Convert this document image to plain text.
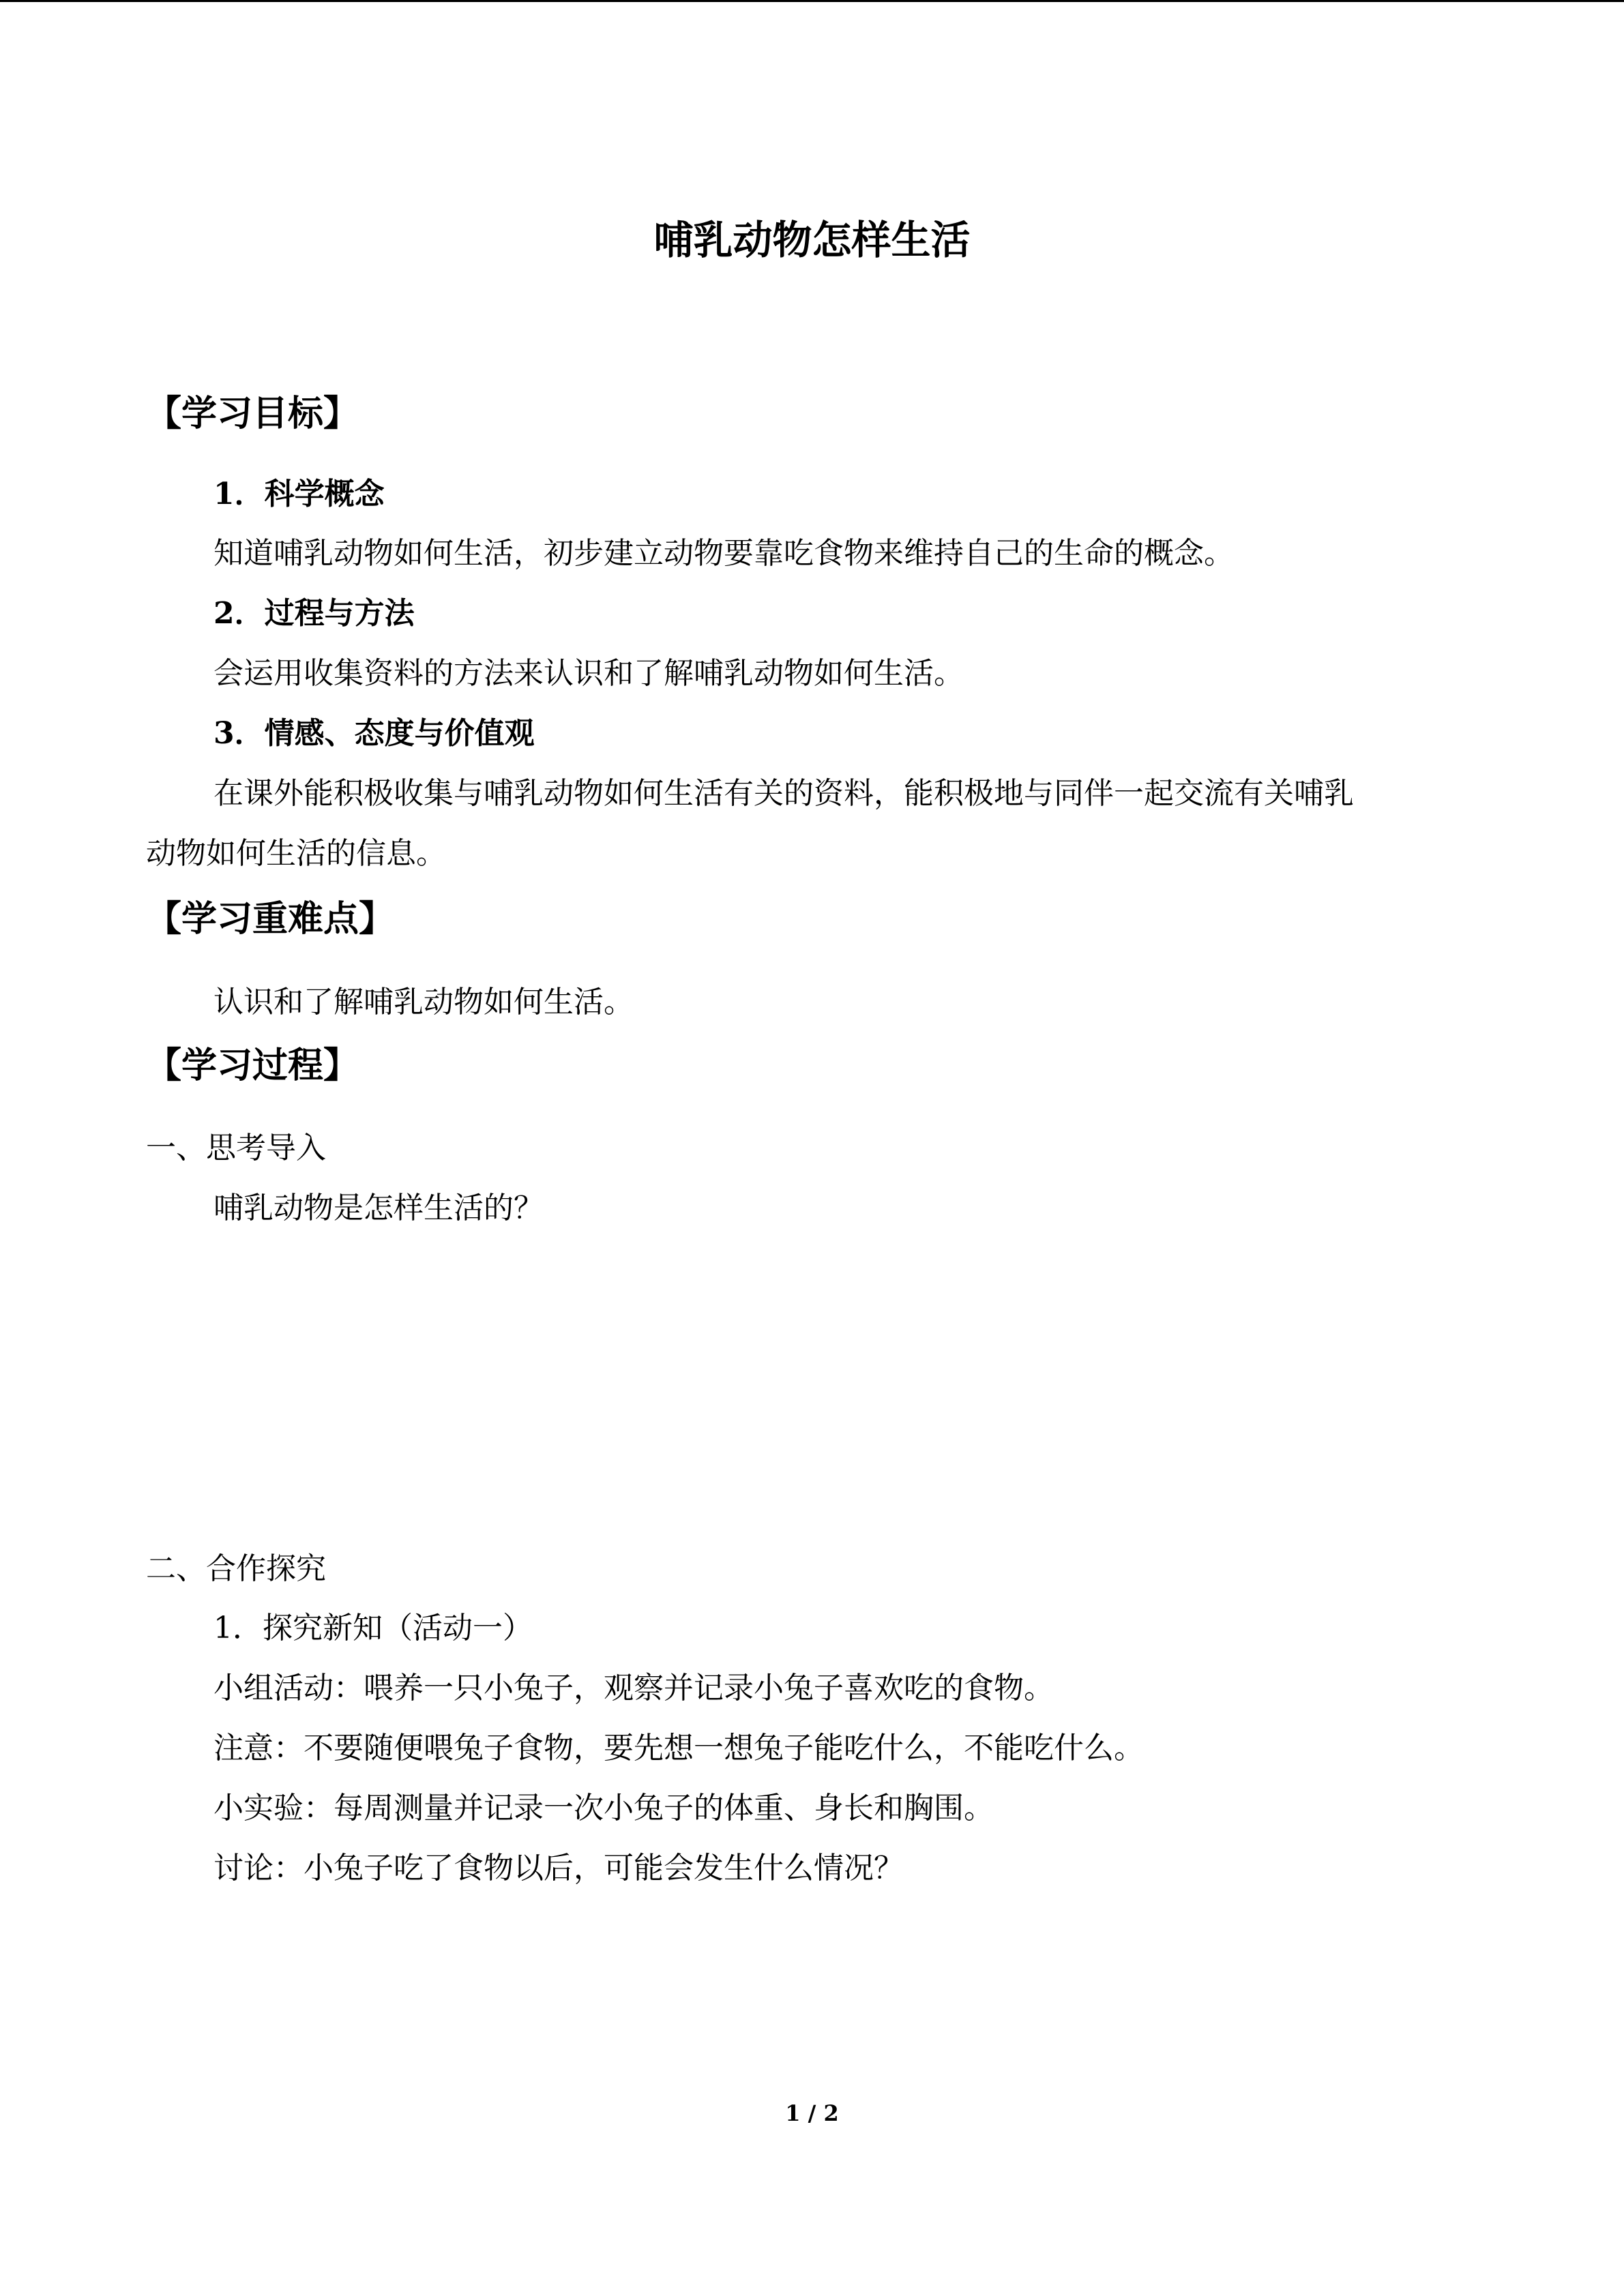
哺乳动物怎样生活
【学习目标】
1．科学概念
知道哺乳动物如何生活，初步建立动物要靠吃食物来维持自己的生命的概念。
2．过程与方法
会运用收集资料的方法来认识和了解哺乳动物如何生活。
3．情感、态度与价值观
在课外能积极收集与哺乳动物如何生活有关的资料，能积极地与同伴一起交流有关哺乳
动物如何生活的信息。
【学习重难点】
认识和了解哺乳动物如何生活。
【学习过程】
一、思考导入
哺乳动物是怎样生活的？
二、合作探究
1．探究新知（活动一）
小组活动：喂养一只小兔子，观察并记录小兔子喜欢吃的食物。
注意：不要随便喂兔子食物，要先想一想兔子能吃什么，不能吃什么。
小实验：每周测量并记录一次小兔子的体重、身长和胸围。
讨论：小兔子吃了食物以后，可能会发生什么情况？
1 / 2
